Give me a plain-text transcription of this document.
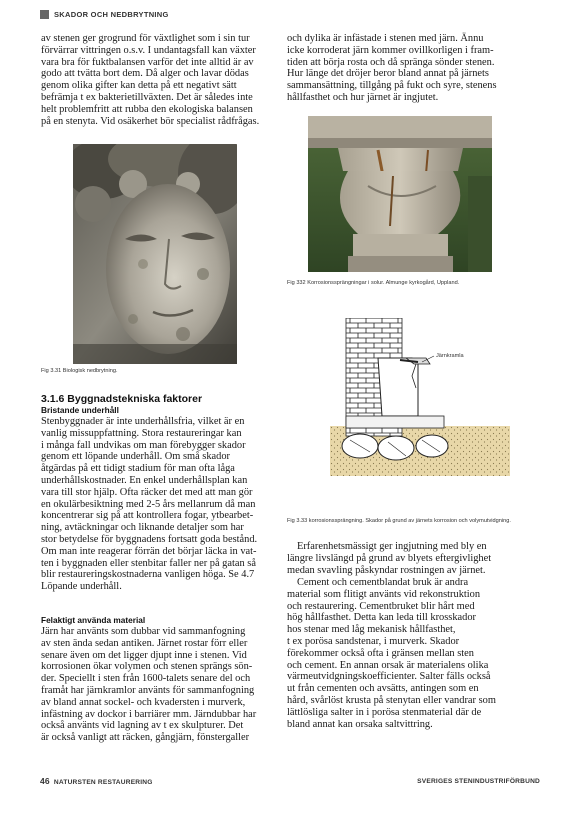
SKADOR OCH NEDBRYTNING
av stenen ger grogrund för växtlighet som i sin tur
förvärrar vittringen o.s.v. I undantagsfall kan växter
vara bra för fuktbalansen varför det inte alltid är av
godo att tvätta bort dem. Då alger och lavar dödas
genom olika gifter kan detta på ett negativt sätt
befrämja t ex bakterietillväxten. Det är således inte
helt problemfritt att rubba den ekologiska balansen
på en stenyta. Vid osäkerhet bör specialist rådfrågas.
Fig 3.31 Biologisk nedbrytning.
3.1.6 Byggnadstekniska faktorer
Bristande underhåll
Stenbyggnader är inte underhållsfria, vilket är en
vanlig missuppfattning. Stora restaureringar kan
i många fall undvikas om man förebygger skador
genom ett löpande underhåll. Om små skador
åtgärdas på ett tidigt stadium för man ofta låga
underhållskostnader. En enkel underhållsplan kan
vara till stor hjälp. Ofta räcker det med att man gör
en okulärbesiktning med 2-5 års mellanrum då man
koncentrerar sig på att kontrollera fogar, ytbearbet-
ning, avtäckningar och liknande detaljer som har
stor betydelse för byggnadens fortsatt goda bestånd.
Om man inte reagerar förrän det börjar läcka in vat-
ten i byggnaden eller stenbitar faller ner på gatan så
blir restaureringskostnaderna vanligen höga. Se 4.7
Löpande underhåll.
Felaktigt använda material
Järn har använts som dubbar vid sammanfogning
av sten ända sedan antiken. Järnet rostar förr eller
senare även om det ligger djupt inne i stenen. Vid
korrosionen ökar volymen och stenen sprängs sön-
der. Speciellt i sten från 1600-talets senare del och
framåt har järnkramlor använts för sammanfogning
av bland annat sockel- och kvadersten i murverk,
infästning av dockor i barriärer mm. Järndubbar har
också använts vid lagning av t ex skulpturer. Det
är också vanligt att räcken, gångjärn, fönstergaller
och dylika är infästade i stenen med järn. Ännu
icke korroderat järn kommer ovillkorligen i fram-
tiden att börja rosta och då spränga sönder stenen.
Hur länge det dröjer beror bland annat på järnets
sammansättning, tillgång på fukt och syre, stenens
hållfasthet och hur järnet är ingjutet.
Fig 332 Korrosionssprängningar i solur. Almunge kyrkogård, Uppland.
Järnkramla
Fig 3.33 korrosionssprängning. Skador på grund av järnets korrosion och volymutvidgning.
Erfarenhetsmässigt ger ingjutning med bly en
längre livslängd på grund av blyets eftergivlighet
medan svavling påskyndar rostningen av järnet.
Cement och cementblandat bruk är andra
material som flitigt använts vid rekonstruktion
och restaurering. Cementbruket blir hårt med
hög hållfasthet. Detta kan leda till krosskador
hos stenar med låg mekanisk hållfasthet,
t ex porösa sandstenar, i murverk. Skador
förekommer också ofta i gränsen mellan sten
och cement. En annan orsak är materialens olika
värmeutvidgningskoefficienter. Salter fälls också
ut från cementen och avsätts, antingen som en
hård, svårlöst krusta på stenytan eller vandrar som
lättlösliga salter in i porösa stenmaterial där de
bland annat kan orsaka saltvittring.
46 NATURSTEN RESTAURERING	SVERIGES STENINDUSTRIFÖRBUND
